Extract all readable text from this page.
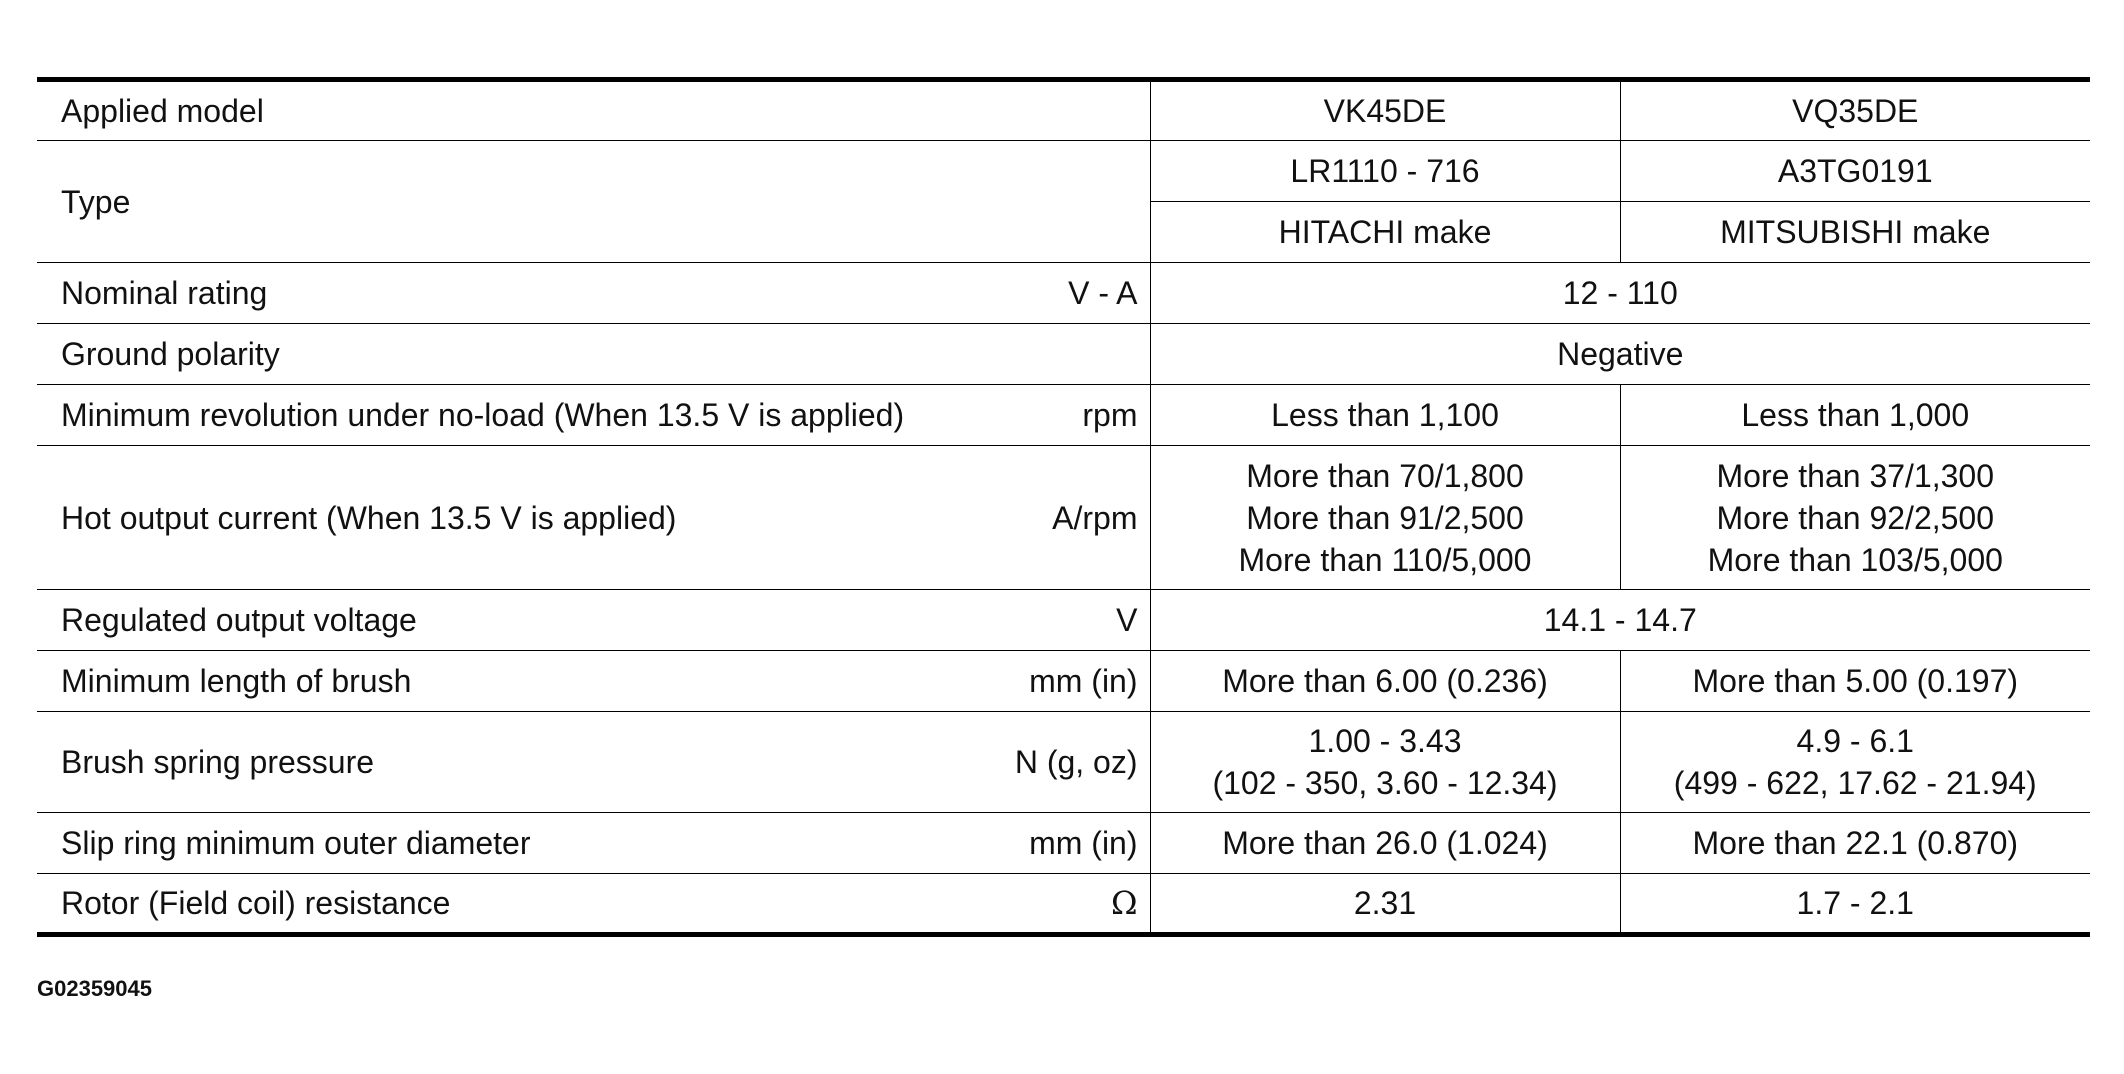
Applied model	VK45DE	VQ35DE
Type	LR1110 - 716	A3TG0191
	HITACHI make	MITSUBISHI make

Nominal rating V - A	12 - 110	

Ground polarity	Negative	

Minimum revolution under no-load (When 13.5 V is applied) rpm	Less than 1,100	Less than 1,000

Hot output current (When 13.5 V is applied) A/rpm	More than 70/1,800
More than 91/2,500
More than 110/5,000	More than 37/1,300
More than 92/2,500
More than 103/5,000

Regulated output voltage V	14.1 - 14.7	

Minimum length of brush mm (in)	More than 6.00 (0.236)	More than 5.00 (0.197)

Brush spring pressure N (g, oz)	1.00 - 3.43
(102 - 350, 3.60 - 12.34)	4.9 - 6.1
(499 - 622, 17.62 - 21.94)

Slip ring minimum outer diameter mm (in)	More than 26.0 (1.024)	More than 22.1 (0.870)

Rotor (Field coil) resistance Ω	2.31	1.7 - 2.1
G02359045
